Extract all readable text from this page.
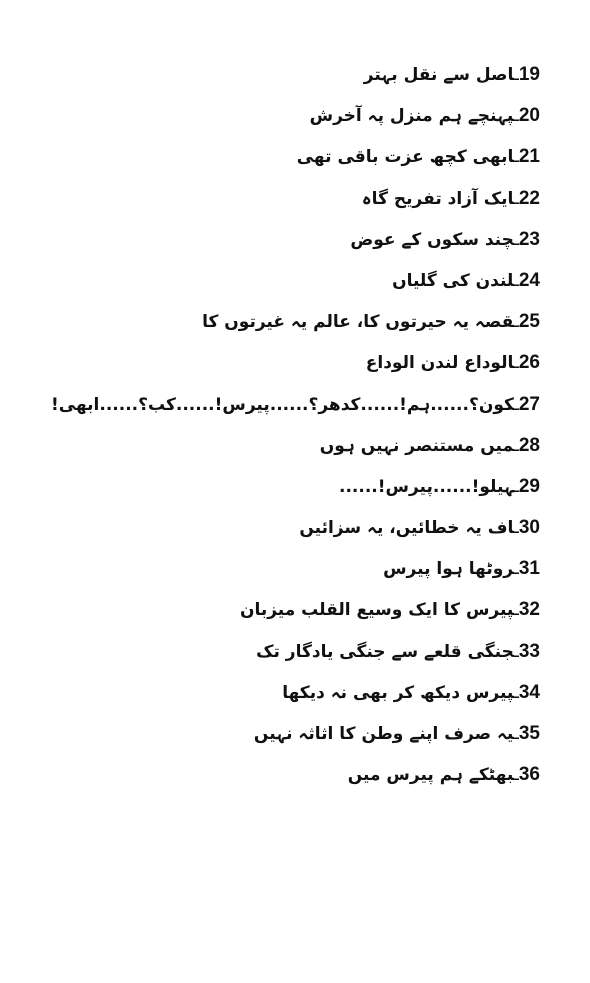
19ـاصل سے نقل بہتر
20ـپہنچے ہم منزل پہ آخرش
21ـابھی کچھ عزت باقی تھی
22ـایک آزاد تفریح گاہ
23ـچند سکوں کے عوض
24ـلندن کی گلیاں
25ـقصہ یہ حیرتوں کا، عالم یہ غیرتوں کا
26ـالوداع لندن الوداع
27ـکون؟......ہم!......کدھر؟......پیرس!......کب؟......ابھی!
28ـمیں مستنصر نہیں ہوں
29ـہیلو!......پیرس!......
30ـاف یہ خطائیں، یہ سزائیں
31ـروٹھا ہوا پیرس
32ـپیرس کا ایک وسیع القلب میزبان
33ـجنگی قلعے سے جنگی یادگار تک
34ـپیرس دیکھ کر بھی نہ دیکھا
35ـیہ صرف اپنے وطن کا اثاثہ نہیں
36ـبھٹکے ہم پیرس میں
